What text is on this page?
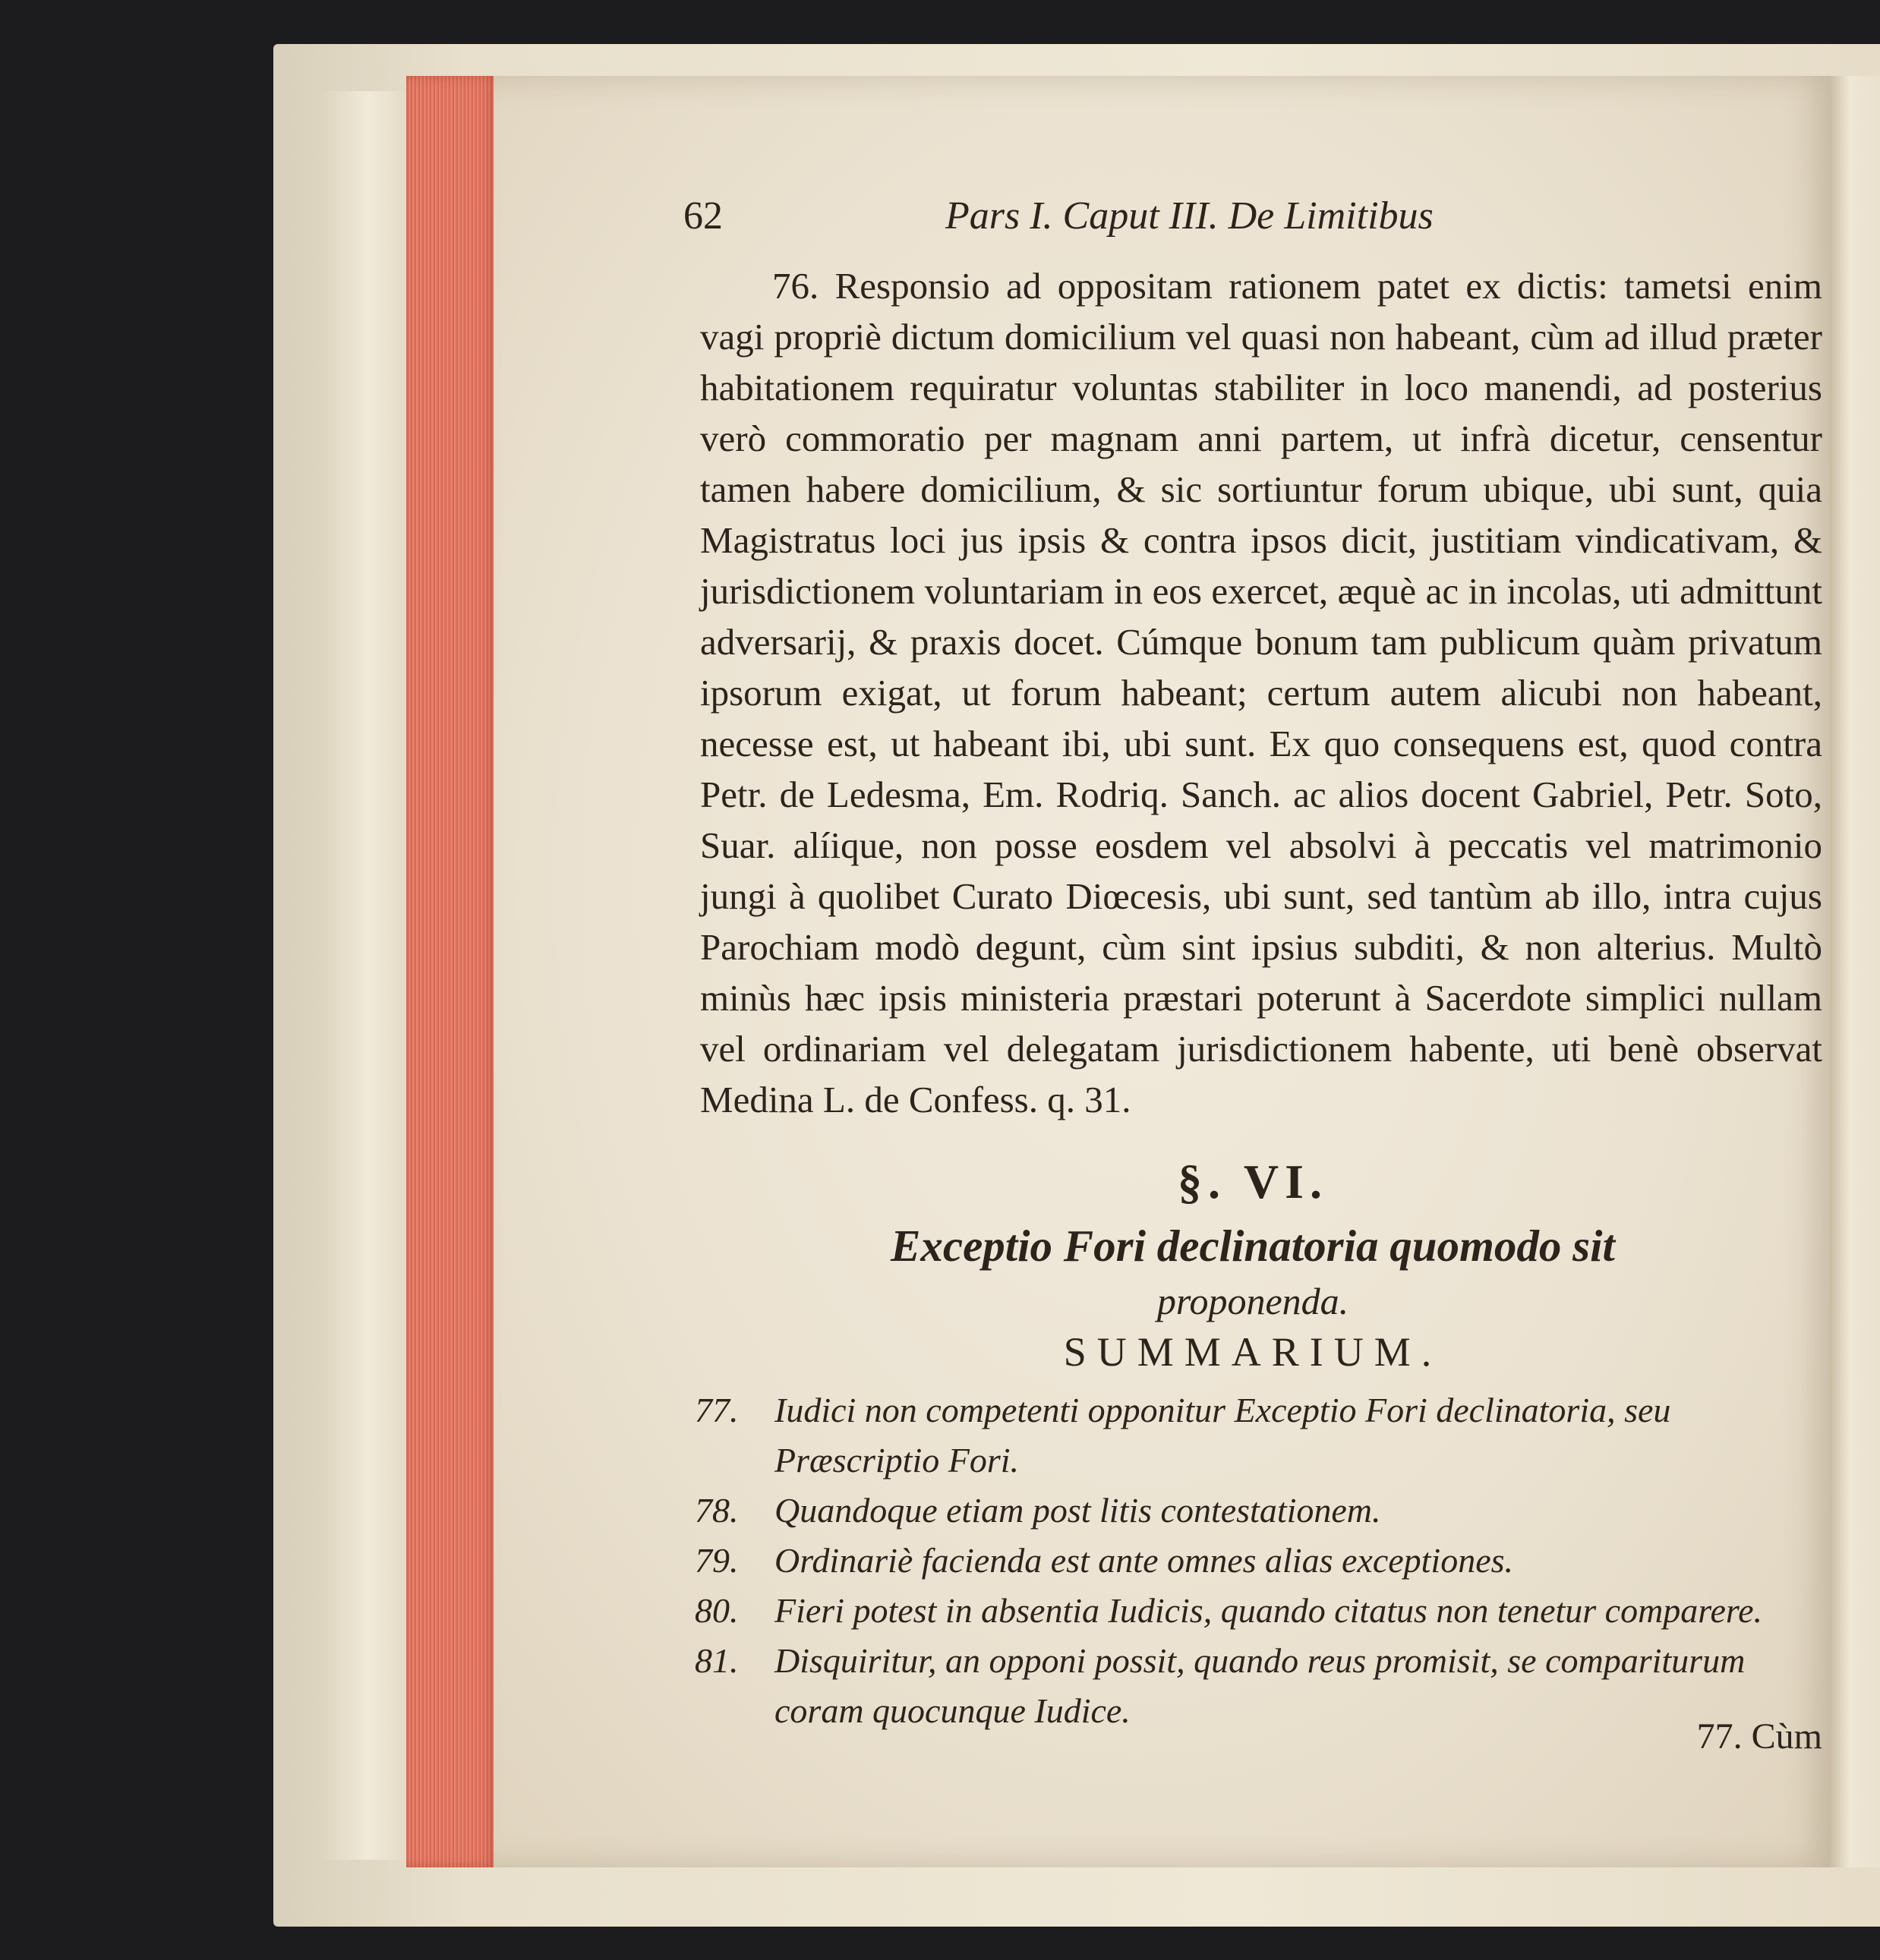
62	Pars I. Caput III. De Limitibus
76. Responsio ad oppositam rationem patet ex dictis: tametsi enim vagi propriè dictum domicilium vel quasi non habeant, cùm ad illud præter habitationem requiratur voluntas stabiliter in loco manendi, ad posterius verò commoratio per magnam anni partem, ut infrà dicetur, censentur tamen habere domicilium, & sic sortiuntur forum ubique, ubi sunt, quia Magistratus loci jus ipsis & contra ipsos dicit, justitiam vindicativam, & jurisdictionem voluntariam in eos exercet, æquè ac in incolas, uti admittunt adversarij, & praxis docet. Cúmque bonum tam publicum quàm privatum ipsorum exigat, ut forum habeant; certum autem alicubi non habeant, necesse est, ut habeant ibi, ubi sunt. Ex quo consequens est, quod contra Petr. de Ledesma, Em. Rodriq. Sanch. ac alios docent Gabriel, Petr. Soto, Suar. alíique, non posse eosdem vel absolvi à peccatis vel matrimonio jungi à quolibet Curato Diœcesis, ubi sunt, sed tantùm ab illo, intra cujus Parochiam modò degunt, cùm sint ipsius subditi, & non alterius. Multò minùs hæc ipsis ministeria præstari poterunt à Sacerdote simplici nullam vel ordinariam vel delegatam jurisdictionem habente, uti benè observat Medina L. de Confess. q. 31.
§. VI.
Exceptio Fori declinatoria quomodo sit
proponenda.
SUMMARIUM.
77. Iudici non competenti opponitur Exceptio Fori declinatoria, seu Præscriptio Fori.
78. Quandoque etiam post litis contestationem.
79. Ordinariè facienda est ante omnes alias exceptiones.
80. Fieri potest in absentia Iudicis, quando citatus non tenetur comparere.
81. Disquiritur, an opponi possit, quando reus promisit, se compariturum coram quocunque Iudice.
77. Cùm
